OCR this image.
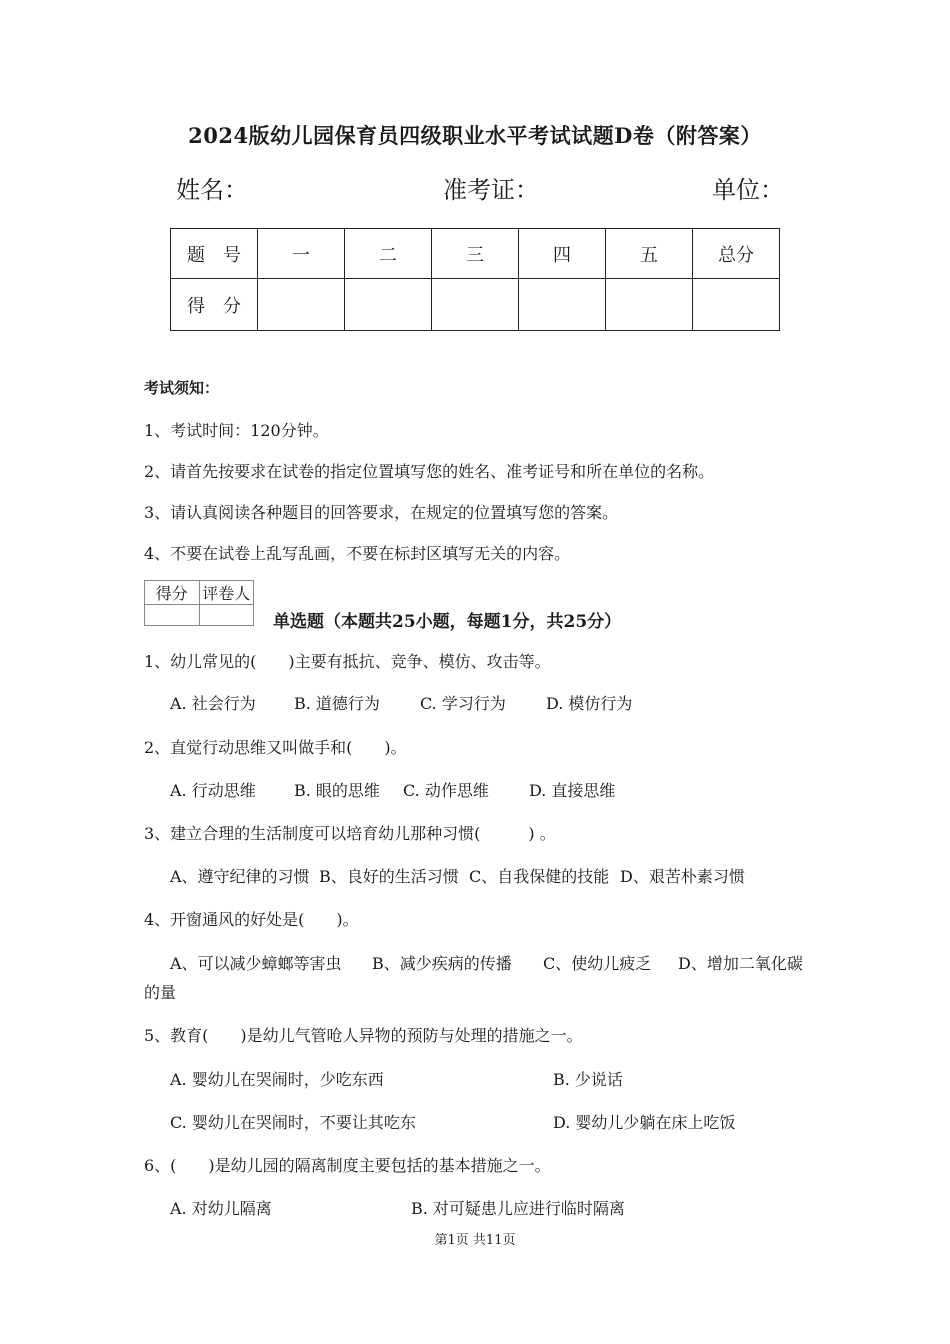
2024版幼儿园保育员四级职业水平考试试题D卷（附答案）
姓名：	准考证：	单位：
题　号	一	二	三	四	五	总分
得　分						
考试须知：
1、考试时间：120分钟。
2、请首先按要求在试卷的指定位置填写您的姓名、准考证号和所在单位的名称。
3、请认真阅读各种题目的回答要求，在规定的位置填写您的答案。
4、不要在试卷上乱写乱画，不要在标封区填写无关的内容。
得分	评卷人

单选题（本题共25小题，每题1分，共25分）
1、幼儿常见的(　　)主要有抵抗、竞争、模仿、攻击等。
A. 社会行为 B. 道德行为	C. 学习行为	D. 模仿行为
2、直觉行动思维又叫做手和(　　)。
A. 行动思维 B. 眼的思维 C. 动作思维	D. 直接思维
3、建立合理的生活制度可以培育幼儿那种习惯(　　　) 。
A、遵守纪律的习惯 B、良好的生活习惯 C、自我保健的技能 D、艰苦朴素习惯
4、开窗通风的好处是(　　)。
A、可以减少蟑螂等害虫 B、减少疾病的传播 C、使幼儿疲乏 D、增加二氧化碳
的量
5、教育(　　)是幼儿气管呛人异物的预防与处理的措施之一。
A. 婴幼儿在哭闹时，少吃东西	B. 少说话
C. 婴幼儿在哭闹时，不要让其吃东	D. 婴幼儿少躺在床上吃饭
6、(　　)是幼儿园的隔离制度主要包括的基本措施之一。
A. 对幼儿隔离	B. 对可疑患儿应进行临时隔离
第1页 共11页
